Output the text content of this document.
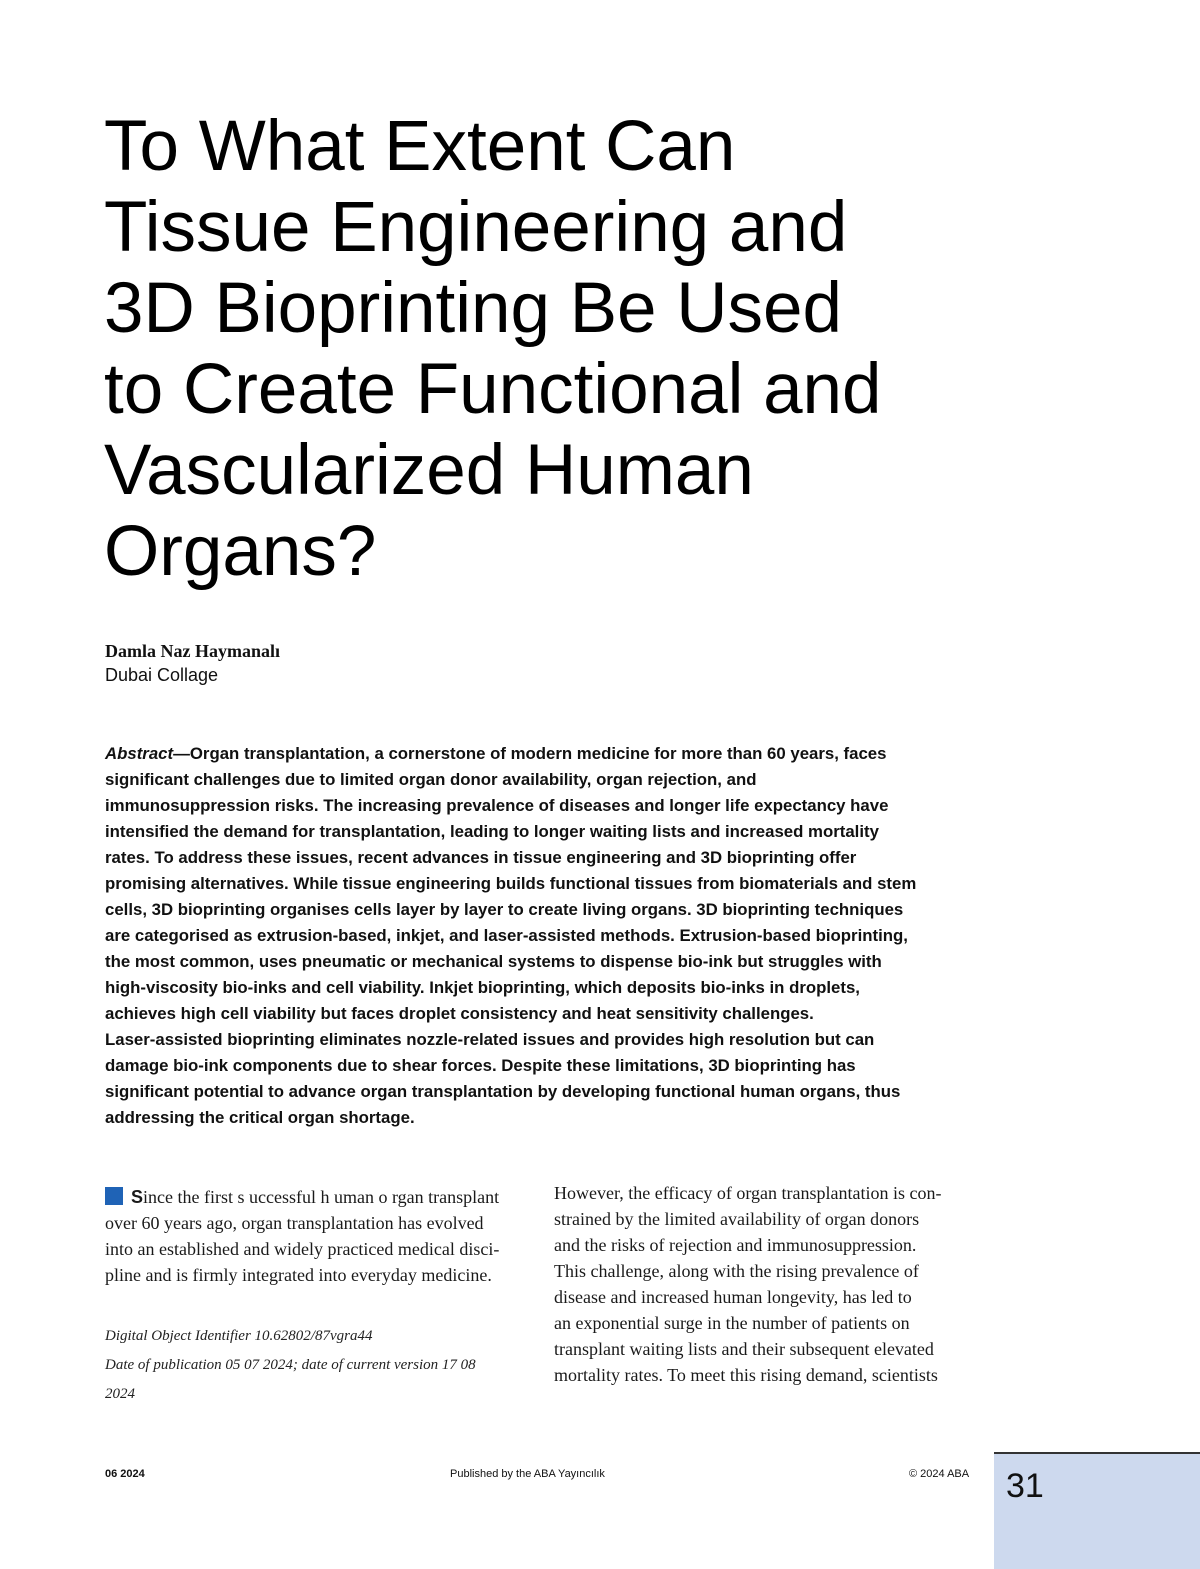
To What Extent Can
Tissue Engineering and
3D Bioprinting Be Used
to Create Functional and
Vascularized Human
Organs?
Damla Naz Haymanalı
Dubai Collage
Abstract—Organ transplantation, a cornerstone of modern medicine for more than 60 years, faces
significant challenges due to limited organ donor availability, organ rejection, and
immunosuppression risks. The increasing prevalence of diseases and longer life expectancy have
intensified the demand for transplantation, leading to longer waiting lists and increased mortality
rates. To address these issues, recent advances in tissue engineering and 3D bioprinting offer
promising alternatives. While tissue engineering builds functional tissues from biomaterials and stem
cells, 3D bioprinting organises cells layer by layer to create living organs. 3D bioprinting techniques
are categorised as extrusion-based, inkjet, and laser-assisted methods. Extrusion-based bioprinting,
the most common, uses pneumatic or mechanical systems to dispense bio-ink but struggles with
high-viscosity bio-inks and cell viability. Inkjet bioprinting, which deposits bio-inks in droplets,
achieves high cell viability but faces droplet consistency and heat sensitivity challenges.
Laser-assisted bioprinting eliminates nozzle-related issues and provides high resolution but can
damage bio-ink components due to shear forces. Despite these limitations, 3D bioprinting has
significant potential to advance organ transplantation by developing functional human organs, thus
addressing the critical organ shortage.
Since the first s uccessful h uman o rgan transplant
over 60 years ago, organ transplantation has evolved
into an established and widely practiced medical disci-
pline and is firmly integrated into everyday medicine.
Digital Object Identifier 10.62802/87vgra44
Date of publication 05 07 2024; date of current version 17 08
2024
However, the efficacy of organ transplantation is con-
strained by the limited availability of organ donors
and the risks of rejection and immunosuppression.
This challenge, along with the rising prevalence of
disease and increased human longevity, has led to
an exponential surge in the number of patients on
transplant waiting lists and their subsequent elevated
mortality rates. To meet this rising demand, scientists
06 2024	Published by the ABA Yayıncılık	© 2024 ABA 31
